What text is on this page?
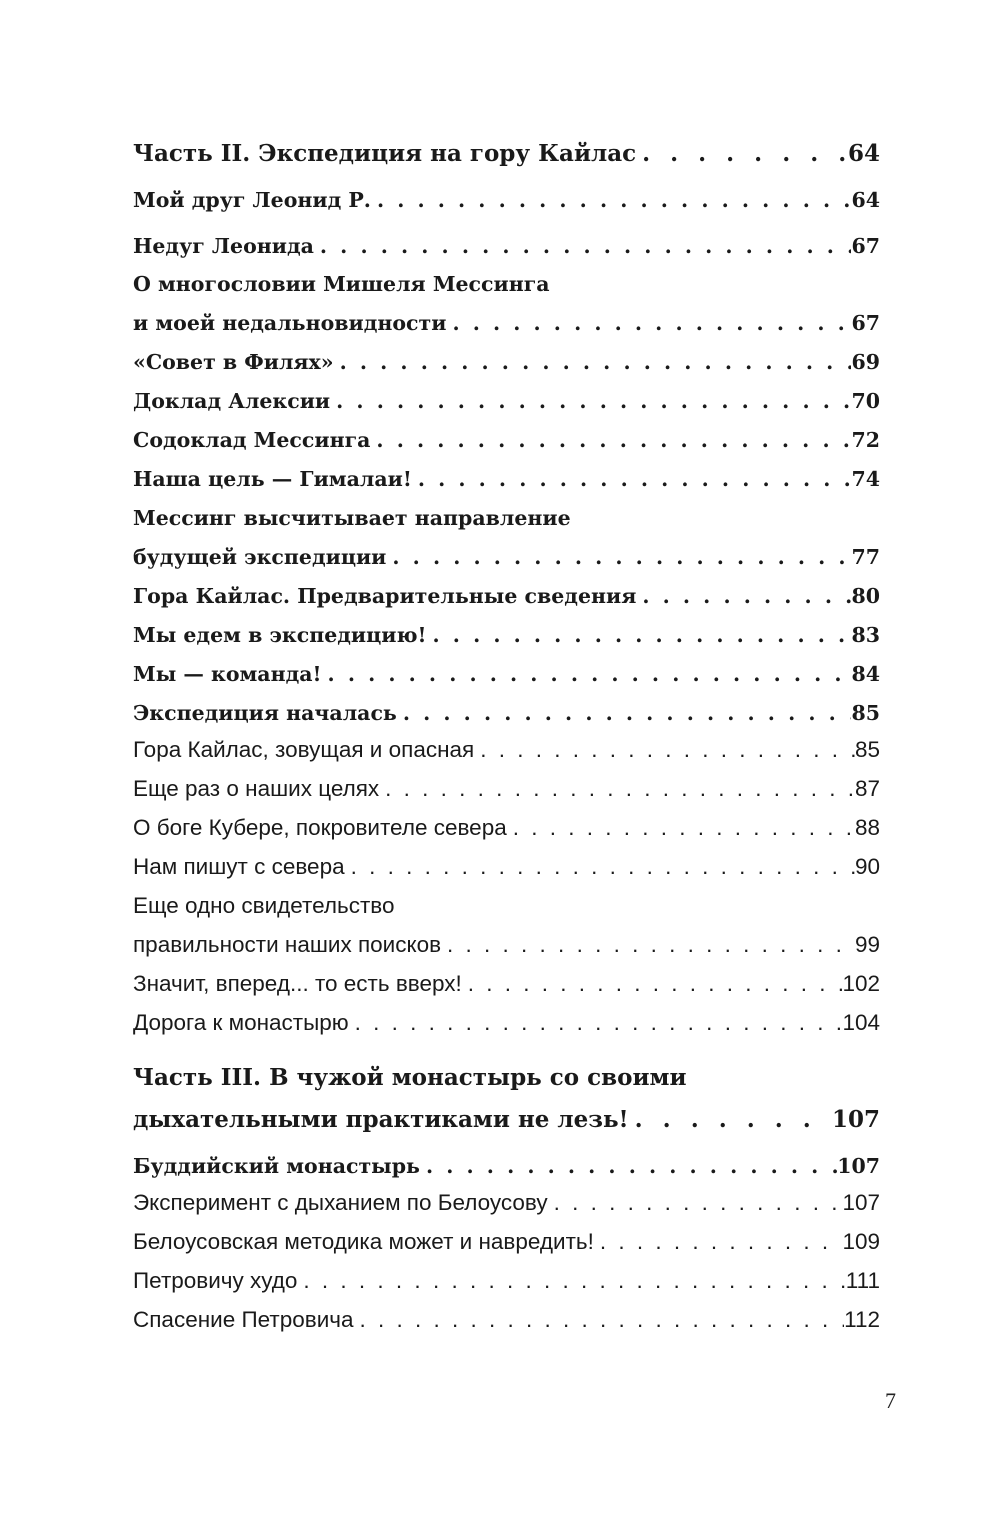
Часть II. Экспедиция на гору Кайлас . . .	64
Мой друг Леонид Р. . . .	64
Недуг Леонида . . .	67
О многословии Мишеля Мессинга
и моей недальновидности . . .	67
«Совет в Филях» . . .	69
Доклад Алексии . . .	70
Содоклад Мессинга . . .	72
Наша цель — Гималаи! . . .	74
Мессинг высчитывает направление
будущей экспедиции . . .	77
Гора Кайлас. Предварительные сведения . . .	80
Мы едем в экспедицию! . . .	83
Мы — команда! . . .	84
Экспедиция началась . . .	85
Гора Кайлас, зовущая и опасная . . .	85
Еще раз о наших целях . . .	87
О боге Кубере, покровителе севера . . .	88
Нам пишут с севера . . .	90
Еще одно свидетельство
правильности наших поисков . . .	99
Значит, вперед... то есть вверх! . . .	102
Дорога к монастырю . . .	104
Часть III. В чужой монастырь со своими
дыхательными практиками не лезь! . . .	107
Буддийский монастырь . . .	107
Эксперимент с дыханием по Белоусову . . .	107
Белоусовская методика может и навредить! . . .	109
Петровичу худо . . .	111
Спасение Петровича . . .	112
7
